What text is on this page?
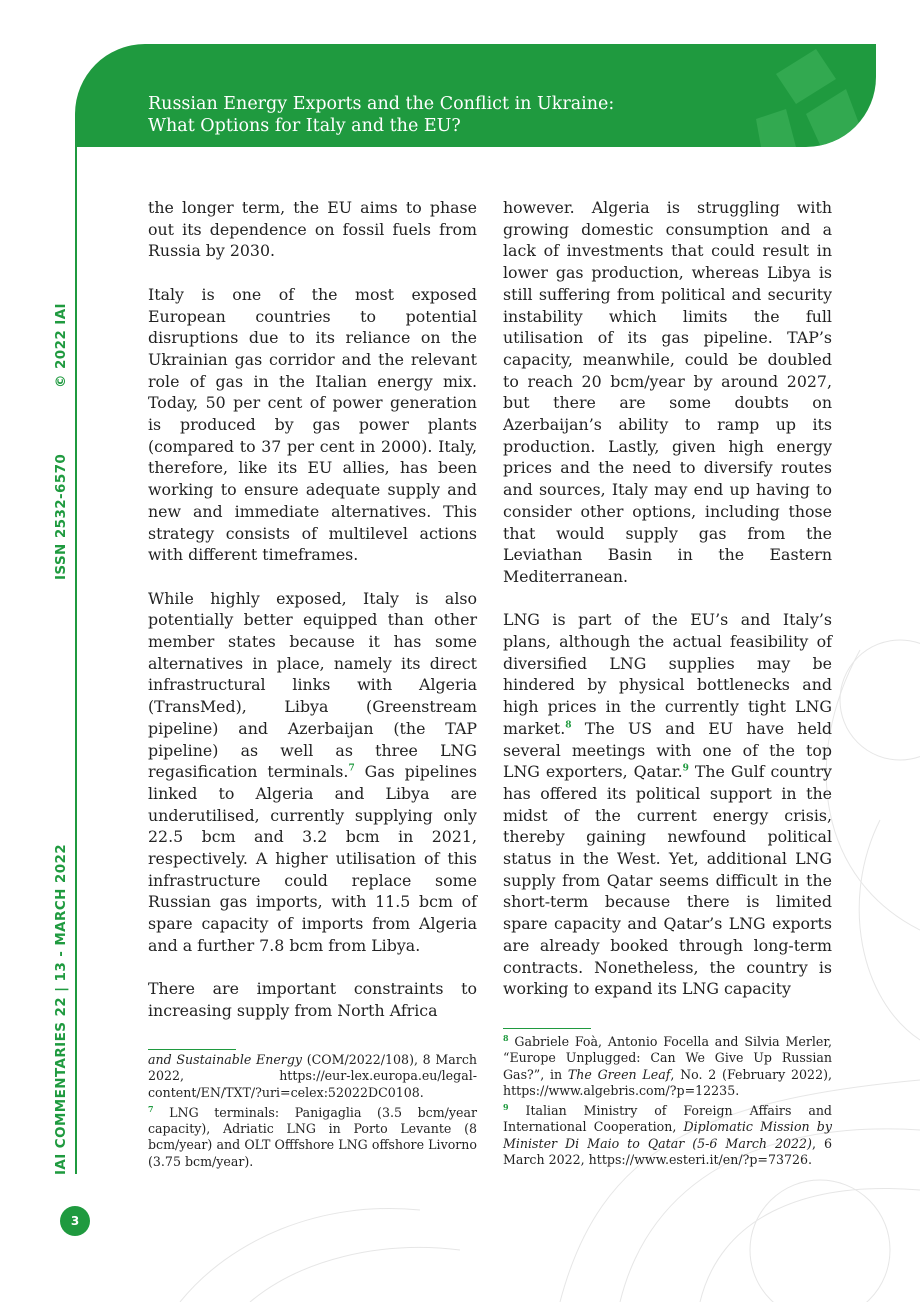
Russian Energy Exports and the Conflict in Ukraine:
What Options for Italy and the EU?
© 2022 IAI
ISSN 2532-6570
IAI COMMENTARIES 22 | 13 - MARCH 2022
3

the longer term, the EU aims to phase out its dependence on fossil fuels from Russia by 2030.

Italy is one of the most exposed European countries to potential disruptions due to its reliance on the Ukrainian gas corridor and the relevant role of gas in the Italian energy mix. Today, 50 per cent of power generation is produced by gas power plants (compared to 37 per cent in 2000). Italy, therefore, like its EU allies, has been working to ensure adequate supply and new and immediate alternatives. This strategy consists of multilevel actions with different timeframes.

While highly exposed, Italy is also potentially better equipped than other member states because it has some alternatives in place, namely its direct infrastructural links with Algeria (TransMed), Libya (Greenstream pipeline) and Azerbaijan (the TAP pipeline) as well as three LNG regasification terminals.$^7$ Gas pipelines linked to Algeria and Libya are underutilised, currently supplying only 22.5 bcm and 3.2 bcm in 2021, respectively. A higher utilisation of this infrastructure could replace some Russian gas imports, with 11.5 bcm of spare capacity of imports from Algeria and a further 7.8 bcm from Libya.

There are important constraints to increasing supply from North Africa

however. Algeria is struggling with growing domestic consumption and a lack of investments that could result in lower gas production, whereas Libya is still suffering from political and security instability which limits the full utilisation of its gas pipeline. TAP’s capacity, meanwhile, could be doubled to reach 20 bcm/year by around 2027, but there are some doubts on Azerbaijan’s ability to ramp up its production. Lastly, given high energy prices and the need to diversify routes and sources, Italy may end up having to consider other options, including those that would supply gas from the Leviathan Basin in the Eastern Mediterranean.

LNG is part of the EU’s and Italy’s plans, although the actual feasibility of diversified LNG supplies may be hindered by physical bottlenecks and high prices in the currently tight LNG market.$^8$ The US and EU have held several meetings with one of the top LNG exporters, Qatar.$^9$ The Gulf country has offered its political support in the midst of the current energy crisis, thereby gaining newfound political status in the West. Yet, additional LNG supply from Qatar seems difficult in the short-term because there is limited spare capacity and Qatar’s LNG exports are already booked through long-term contracts. Nonetheless, the country is working to expand its LNG capacity

and Sustainable Energy (COM/2022/108), 8 March 2022, https://eur-lex.europa.eu/legal-content/EN/TXT/?uri=celex:52022DC0108.

$^7$ LNG terminals: Panigaglia (3.5 bcm/year capacity), Adriatic LNG in Porto Levante (8 bcm/year) and OLT Offfshore LNG offshore Livorno (3.75 bcm/year).

$^8$ Gabriele Foà, Antonio Focella and Silvia Merler, “Europe Unplugged: Can We Give Up Russian Gas?”, in The Green Leaf, No. 2 (February 2022), https://www.algebris.com/?p=12235.

$^9$ Italian Ministry of Foreign Affairs and International Cooperation, Diplomatic Mission by Minister Di Maio to Qatar (5-6 March 2022), 6 March 2022, https://www.esteri.it/en/?p=73726.
